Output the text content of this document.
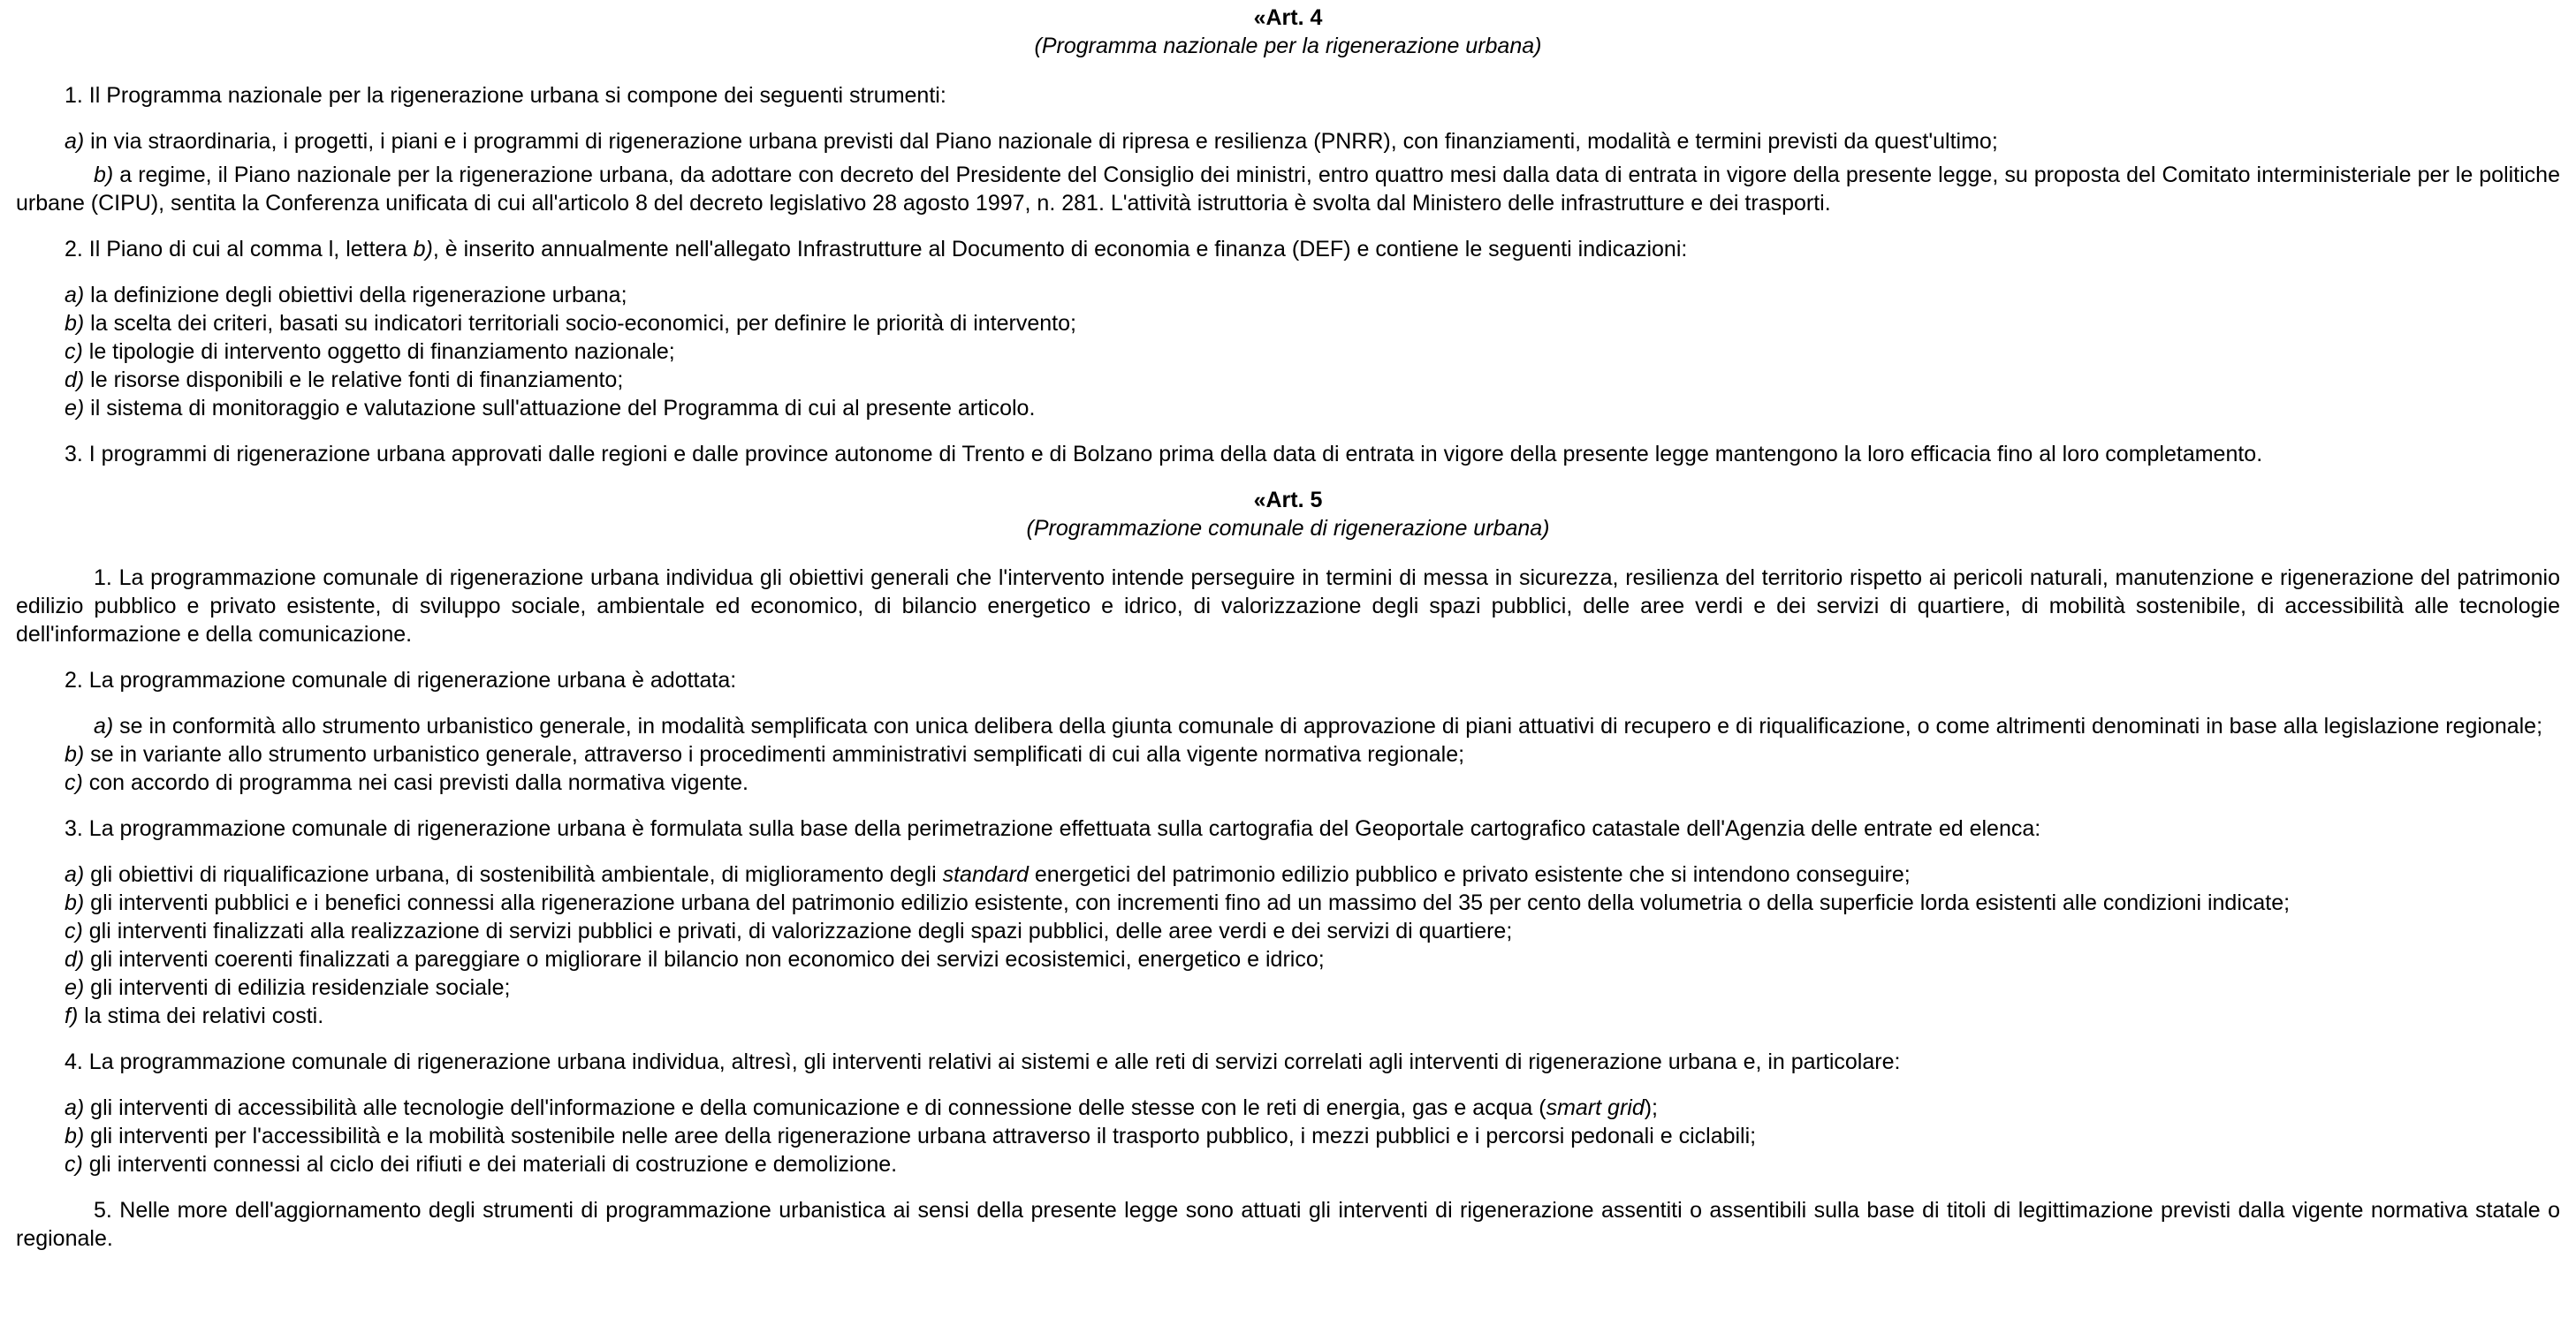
«Art. 4
(Programma nazionale per la rigenerazione urbana)

1. Il Programma nazionale per la rigenerazione urbana si compone dei seguenti strumenti:

a) in via straordinaria, i progetti, i piani e i programmi di rigenerazione urbana previsti dal Piano nazionale di ripresa e resilienza (PNRR), con finanziamenti, modalità e termini previsti da quest'ultimo;

b) a regime, il Piano nazionale per la rigenerazione urbana, da adottare con decreto del Presidente del Consiglio dei ministri, entro quattro mesi dalla data di entrata in vigore della presente legge, su proposta del Comitato interministeriale per le politiche urbane (CIPU), sentita la Conferenza unificata di cui all'articolo 8 del decreto legislativo 28 agosto 1997, n. 281. L'attività istruttoria è svolta dal Ministero delle infrastrutture e dei trasporti.

2. Il Piano di cui al comma l, lettera b), è inserito annualmente nell'allegato Infrastrutture al Documento di economia e finanza (DEF) e contiene le seguenti indicazioni:

a) la definizione degli obiettivi della rigenerazione urbana;

b) la scelta dei criteri, basati su indicatori territoriali socio-economici, per definire le priorità di intervento;

c) le tipologie di intervento oggetto di finanziamento nazionale;

d) le risorse disponibili e le relative fonti di finanziamento;

e) il sistema di monitoraggio e valutazione sull'attuazione del Programma di cui al presente articolo.

3. I programmi di rigenerazione urbana approvati dalle regioni e dalle province autonome di Trento e di Bolzano prima della data di entrata in vigore della presente legge mantengono la loro efficacia fino al loro completamento.

«Art. 5
(Programmazione comunale di rigenerazione urbana)

1. La programmazione comunale di rigenerazione urbana individua gli obiettivi generali che l'intervento intende perseguire in termini di messa in sicurezza, resilienza del territorio rispetto ai pericoli naturali, manutenzione e rigenerazione del patrimonio edilizio pubblico e privato esistente, di sviluppo sociale, ambientale ed economico, di bilancio energetico e idrico, di valorizzazione degli spazi pubblici, delle aree verdi e dei servizi di quartiere, di mobilità sostenibile, di accessibilità alle tecnologie dell'informazione e della comunicazione.

2. La programmazione comunale di rigenerazione urbana è adottata:

a) se in conformità allo strumento urbanistico generale, in modalità semplificata con unica delibera della giunta comunale di approvazione di piani attuativi di recupero e di riqualificazione, o come altrimenti denominati in base alla legislazione regionale;

b) se in variante allo strumento urbanistico generale, attraverso i procedimenti amministrativi semplificati di cui alla vigente normativa regionale;

c) con accordo di programma nei casi previsti dalla normativa vigente.

3. La programmazione comunale di rigenerazione urbana è formulata sulla base della perimetrazione effettuata sulla cartografia del Geoportale cartografico catastale dell'Agenzia delle entrate ed elenca:

a) gli obiettivi di riqualificazione urbana, di sostenibilità ambientale, di miglioramento degli standard energetici del patrimonio edilizio pubblico e privato esistente che si intendono conseguire;

b) gli interventi pubblici e i benefici connessi alla rigenerazione urbana del patrimonio edilizio esistente, con incrementi fino ad un massimo del 35 per cento della volumetria o della superficie lorda esistenti alle condizioni indicate;

c) gli interventi finalizzati alla realizzazione di servizi pubblici e privati, di valorizzazione degli spazi pubblici, delle aree verdi e dei servizi di quartiere;

d) gli interventi coerenti finalizzati a pareggiare o migliorare il bilancio non economico dei servizi ecosistemici, energetico e idrico;

e) gli interventi di edilizia residenziale sociale;

f) la stima dei relativi costi.

4. La programmazione comunale di rigenerazione urbana individua, altresì, gli interventi relativi ai sistemi e alle reti di servizi correlati agli interventi di rigenerazione urbana e, in particolare:

a) gli interventi di accessibilità alle tecnologie dell'informazione e della comunicazione e di connessione delle stesse con le reti di energia, gas e acqua (smart grid);

b) gli interventi per l'accessibilità e la mobilità sostenibile nelle aree della rigenerazione urbana attraverso il trasporto pubblico, i mezzi pubblici e i percorsi pedonali e ciclabili;

c) gli interventi connessi al ciclo dei rifiuti e dei materiali di costruzione e demolizione.

5. Nelle more dell'aggiornamento degli strumenti di programmazione urbanistica ai sensi della presente legge sono attuati gli interventi di rigenerazione assentiti o assentibili sulla base di titoli di legittimazione previsti dalla vigente normativa statale o regionale.
